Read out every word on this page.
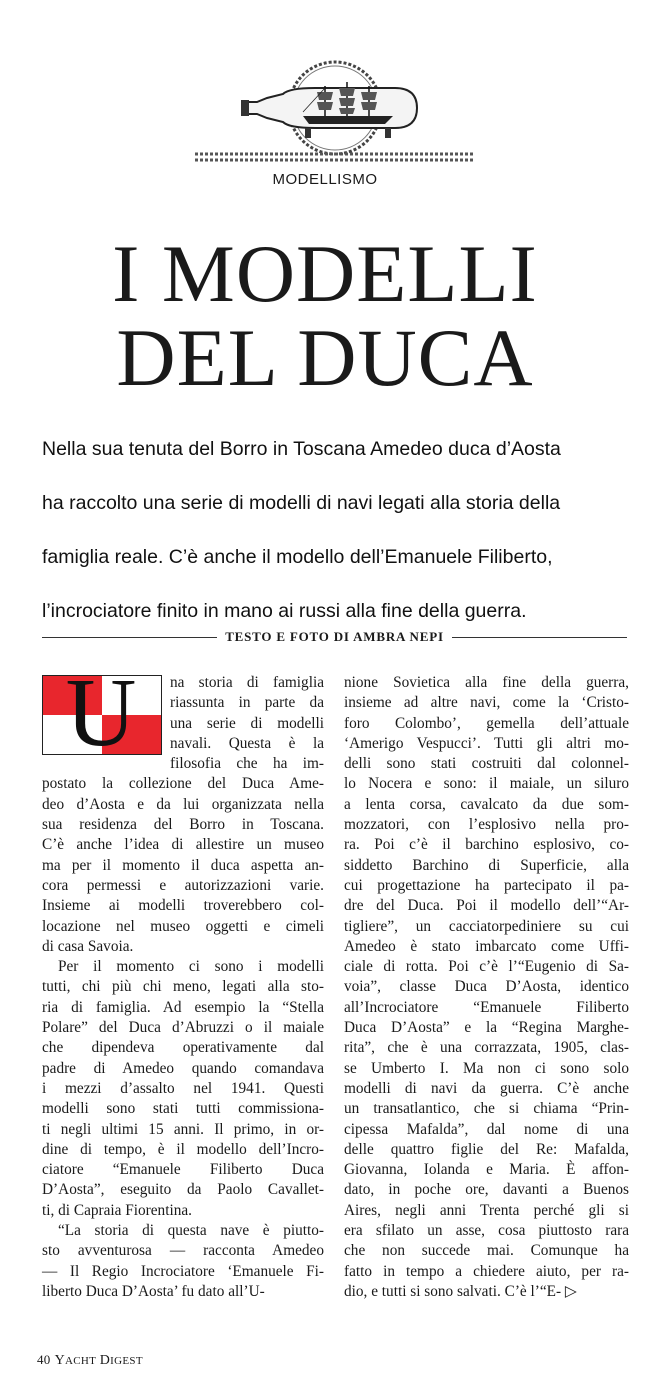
MODELLISMO
I MODELLI
DEL DUCA
Nella sua tenuta del Borro in Toscana Amedeo duca d’Aosta
ha raccolto una serie di modelli di navi legati alla storia della
famiglia reale. C’è anche il modello dell’Emanuele Filiberto,
l’incrociatore finito in mano ai russi alla fine della guerra.
TESTO E FOTO DI AMBRA NEPI
U	na storia di famiglia
riassunta in parte da
una serie di modelli
navali. Questa è la
filosofia che ha im-
postato la collezione del Duca Ame-
deo d’Aosta e da lui organizzata nella
sua residenza del Borro in Toscana.
C’è anche l’idea di allestire un museo
ma per il momento il duca aspetta an-
cora permessi e autorizzazioni varie.
Insieme ai modelli troverebbero col-
locazione nel museo oggetti e cimeli
di casa Savoia.
Per il momento ci sono i modelli
tutti, chi più chi meno, legati alla sto-
ria di famiglia. Ad esempio la “Stella
Polare” del Duca d’Abruzzi o il maiale
che dipendeva operativamente dal
padre di Amedeo quando comandava
i mezzi d’assalto nel 1941. Questi
modelli sono stati tutti commissiona-
ti negli ultimi 15 anni. Il primo, in or-
dine di tempo, è il modello dell’Incro-
ciatore “Emanuele Filiberto Duca
D’Aosta”, eseguito da Paolo Cavallet-
ti, di Capraia Fiorentina.
“La storia di questa nave è piutto-
sto avventurosa — racconta Amedeo
— Il Regio Incrociatore ‘Emanuele Fi-
liberto Duca D’Aosta’ fu dato all’U-
nione Sovietica alla fine della guerra,
insieme ad altre navi, come la ‘Cristo-
foro Colombo’, gemella dell’attuale
‘Amerigo Vespucci’. Tutti gli altri mo-
delli sono stati costruiti dal colonnel-
lo Nocera e sono: il maiale, un siluro
a lenta corsa, cavalcato da due som-
mozzatori, con l’esplosivo nella pro-
ra. Poi c’è il barchino esplosivo, co-
siddetto Barchino di Superficie, alla
cui progettazione ha partecipato il pa-
dre del Duca. Poi il modello dell’“Ar-
tigliere”, un cacciatorpediniere su cui
Amedeo è stato imbarcato come Uffi-
ciale di rotta. Poi c’è l’“Eugenio di Sa-
voia”, classe Duca D’Aosta, identico
all’Incrociatore “Emanuele Filiberto
Duca D’Aosta” e la “Regina Marghe-
rita”, che è una corrazzata, 1905, clas-
se Umberto I. Ma non ci sono solo
modelli di navi da guerra. C’è anche
un transatlantico, che si chiama “Prin-
cipessa Mafalda”, dal nome di una
delle quattro figlie del Re: Mafalda,
Giovanna, Iolanda e Maria. È affon-
dato, in poche ore, davanti a Buenos
Aires, negli anni Trenta perché gli si
era sfilato un asse, cosa piuttosto rara
che non succede mai. Comunque ha
fatto in tempo a chiedere aiuto, per ra-
dio, e tutti si sono salvati. C’è l’“E- ▷
40 YACHT DIGEST
